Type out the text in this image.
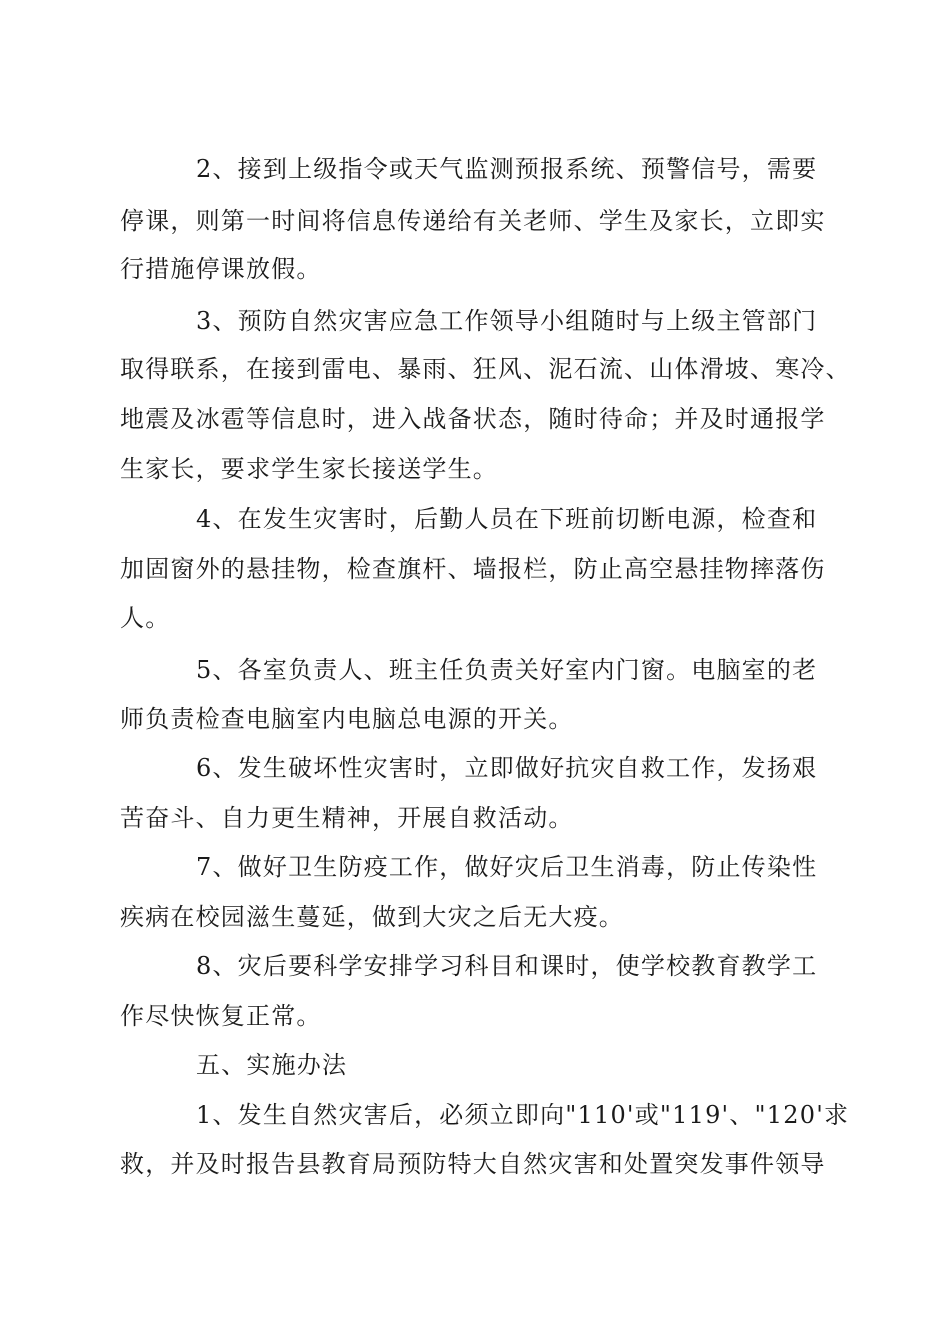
2、接到上级指令或天气监测预报系统、预警信号，需要

停课，则第一时间将信息传递给有关老师、学生及家长，立即实

行措施停课放假。

3、预防自然灾害应急工作领导小组随时与上级主管部门

取得联系，在接到雷电、暴雨、狂风、泥石流、山体滑坡、寒冷、

地震及冰雹等信息时，进入战备状态，随时待命；并及时通报学

生家长，要求学生家长接送学生。

4、在发生灾害时，后勤人员在下班前切断电源，检查和

加固窗外的悬挂物，检查旗杆、墙报栏，防止高空悬挂物摔落伤

人。

5、各室负责人、班主任负责关好室内门窗。电脑室的老

师负责检查电脑室内电脑总电源的开关。

6、发生破坏性灾害时，立即做好抗灾自救工作，发扬艰

苦奋斗、自力更生精神，开展自救活动。

7、做好卫生防疫工作，做好灾后卫生消毒，防止传染性

疾病在校园滋生蔓延，做到大灾之后无大疫。

8、灾后要科学安排学习科目和课时，使学校教育教学工

作尽快恢复正常。

五、实施办法

1、发生自然灾害后，必须立即向"110'或"119'、"120'求

救，并及时报告县教育局预防特大自然灾害和处置突发事件领导
